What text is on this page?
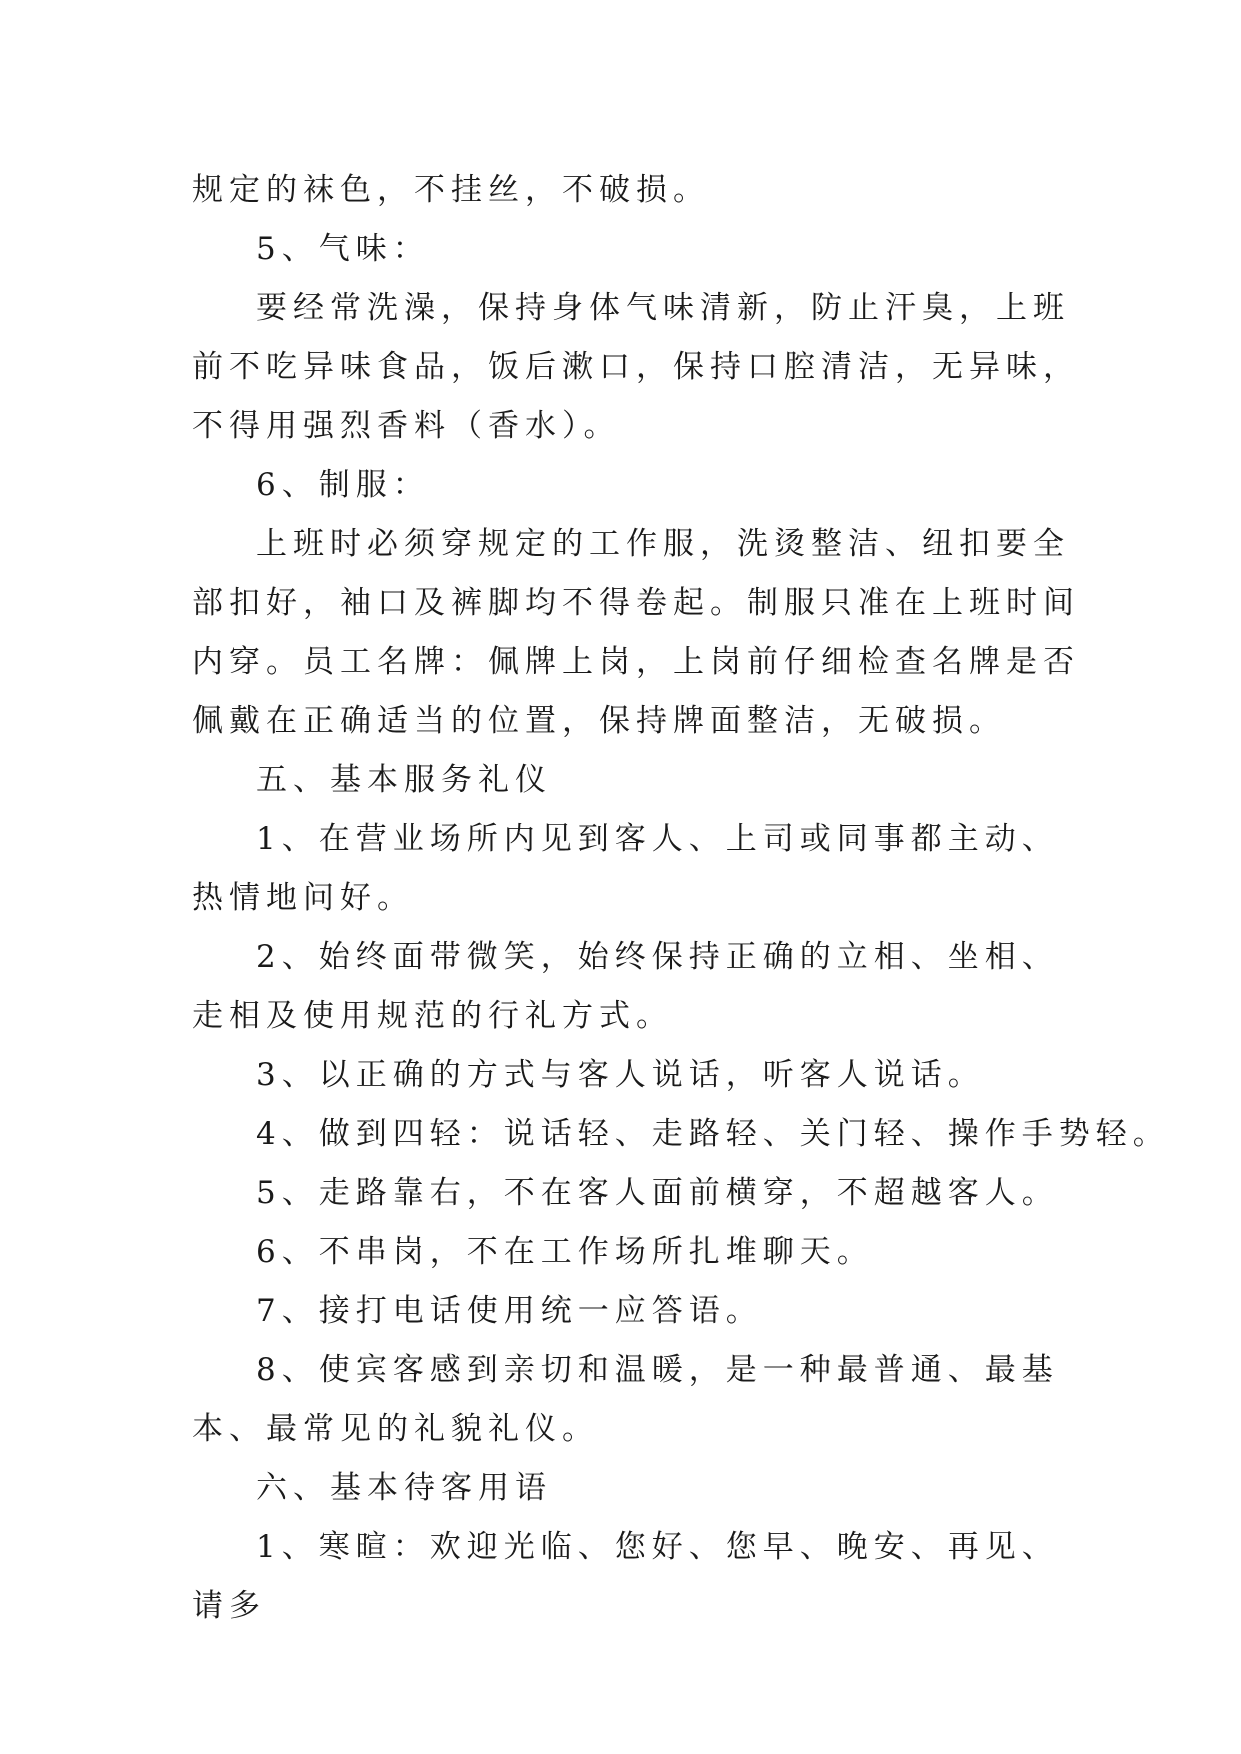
规定的袜色，不挂丝，不破损。

5、气味：

要经常洗澡，保持身体气味清新，防止汗臭，上班前不吃异味食品，饭后漱口，保持口腔清洁，无异味，不得用强烈香料（香水）。

6、制服：

上班时必须穿规定的工作服，洗烫整洁、纽扣要全部扣好，袖口及裤脚均不得卷起。制服只准在上班时间内穿。员工名牌：佩牌上岗，上岗前仔细检查名牌是否佩戴在正确适当的位置，保持牌面整洁，无破损。

五、基本服务礼仪

1、在营业场所内见到客人、上司或同事都主动、热情地问好。

2、始终面带微笑，始终保持正确的立相、坐相、走相及使用规范的行礼方式。

3、以正确的方式与客人说话，听客人说话。

4、做到四轻：说话轻、走路轻、关门轻、操作手势轻。

5、走路靠右，不在客人面前横穿，不超越客人。

6、不串岗，不在工作场所扎堆聊天。

7、接打电话使用统一应答语。

8、使宾客感到亲切和温暖，是一种最普通、最基本、最常见的礼貌礼仪。

六、基本待客用语

1、寒暄：欢迎光临、您好、您早、晚安、再见、请多
